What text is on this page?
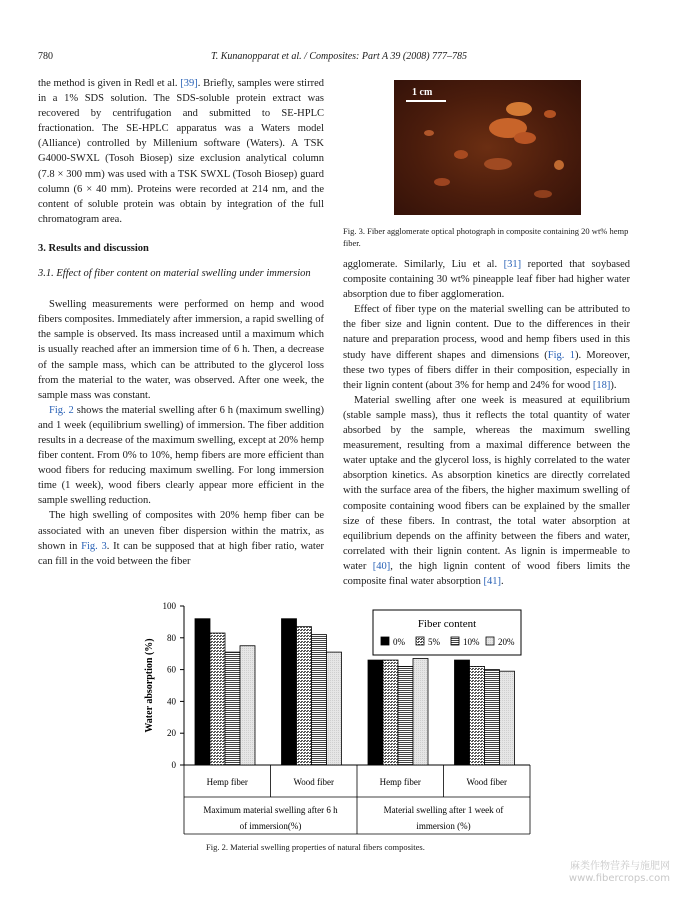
780	T. Kunanopparat et al. / Composites: Part A 39 (2008) 777–785

the method is given in Redl et al. [39]. Briefly, samples were stirred in a 1% SDS solution. The SDS-soluble protein extract was recovered by centrifugation and submitted to SE-HPLC fractionation. The SE-HPLC apparatus was a Waters model (Alliance) controlled by Millenium software (Waters). A TSK G4000-SWXL (Tosoh Biosep) size exclusion analytical column (7.8 × 300 mm) was used with a TSK SWXL (Tosoh Biosep) guard column (6 × 40 mm). Proteins were recorded at 214 nm, and the content of soluble protein was obtain by integration of the full chromatogram area.

3. Results and discussion

3.1. Effect of fiber content on material swelling under immersion

Swelling measurements were performed on hemp and wood fibers composites. Immediately after immersion, a rapid swelling of the sample is observed. Its mass increased until a maximum which is usually reached after an immersion time of 6 h. Then, a decrease of the sample mass, which can be attributed to the glycerol loss from the material to the water, was observed. After one week, the sample mass was constant.

Fig. 2 shows the material swelling after 6 h (maximum swelling) and 1 week (equilibrium swelling) of immersion. The fiber addition results in a decrease of the maximum swelling, except at 20% hemp fiber content. From 0% to 10%, hemp fibers are more efficient than wood fibers for reducing maximum swelling. For long immersion time (1 week), wood fibers clearly appear more efficient in the sample swelling reduction.

The high swelling of composites with 20% hemp fiber can be associated with an uneven fiber dispersion within the matrix, as shown in Fig. 3. It can be supposed that at high fiber ratio, water can fill in the void between the fiber

1 cm
Fig. 3. Fiber agglomerate optical photograph in composite containing 20 wt% hemp fiber.

agglomerate. Similarly, Liu et al. [31] reported that soybased composite containing 30 wt% pineapple leaf fiber had higher water absorption due to fiber agglomeration.

Effect of fiber type on the material swelling can be attributed to the fiber size and lignin content. Due to the differences in their nature and preparation process, wood and hemp fibers used in this study have different shapes and dimensions (Fig. 1). Moreover, these two types of fibers differ in their composition, especially in their lignin content (about 3% for hemp and 24% for wood [18]).

Material swelling after one week is measured at equilibrium (stable sample mass), thus it reflects the total quantity of water absorbed by the sample, whereas the maximum swelling measurement, resulting from a maximal difference between the water uptake and the glycerol loss, is highly correlated to the water absorption kinetics. As absorption kinetics are directly correlated with the surface area of the fibers, the higher maximum swelling of composite containing wood fibers can be explained by the smaller size of these fibers. In contrast, the total water absorption at equilibrium depends on the affinity between the fibers and water, correlated with their lignin content. As lignin is impermeable to water [40], the high lignin content of wood fibers limits the composite final water absorption [41].

0
20
40
60
80
100
Water absorption (%)
Hemp fiber	Wood fiber	Hemp fiber	Wood fiber
Maximum material swelling after 6 h
of immersion(%)
Material swelling after 1 week of
immersion (%)
Fiber content
0%	5%	10% 20%
Fig. 2. Material swelling properties of natural fibers composites.
麻类作物营养与施肥网
www.fibercrops.com
